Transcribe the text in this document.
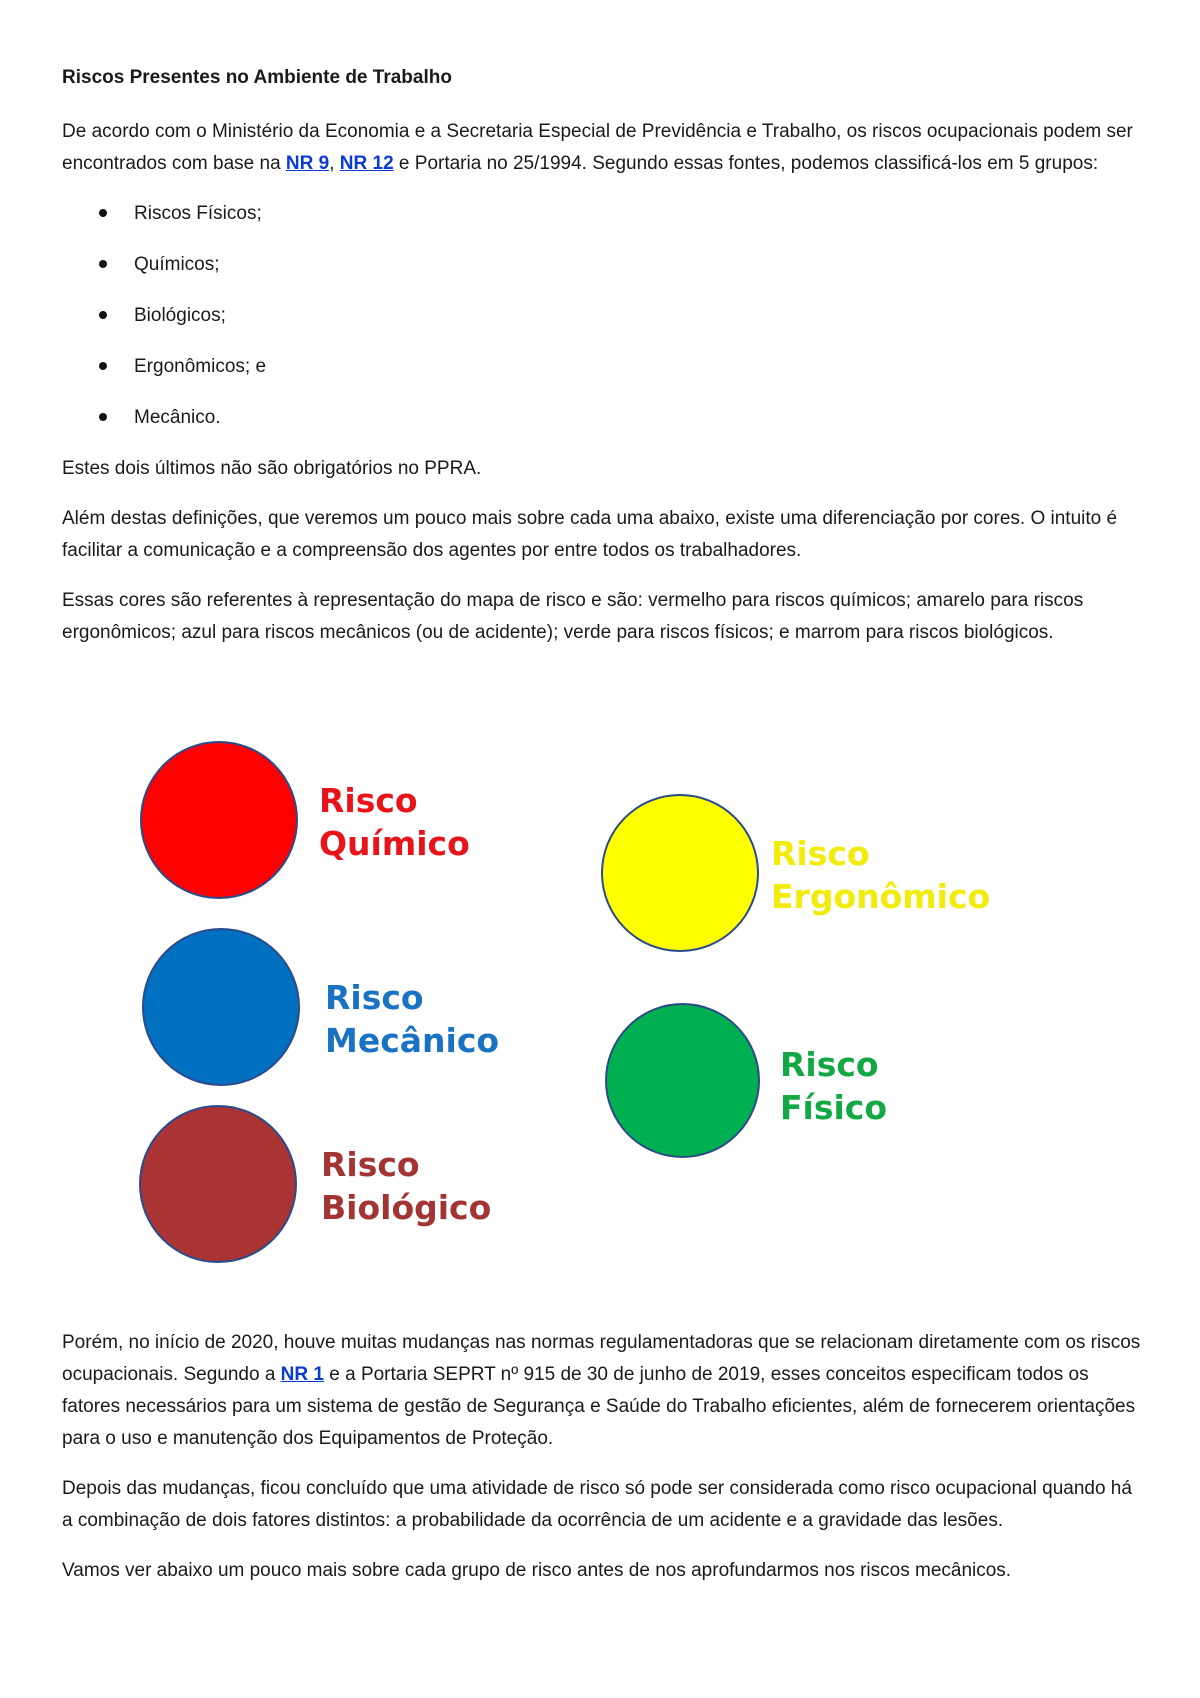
Riscos Presentes no Ambiente de Trabalho

De acordo com o Ministério da Economia e a Secretaria Especial de Previdência e Trabalho, os riscos ocupacionais podem ser encontrados com base na NR 9, NR 12 e Portaria no 25/1994. Segundo essas fontes, podemos classificá-los em 5 grupos:

Riscos Físicos;
Químicos;
Biológicos;
Ergonômicos; e
Mecânico.

Estes dois últimos não são obrigatórios no PPRA.

Além destas definições, que veremos um pouco mais sobre cada uma abaixo, existe uma diferenciação por cores. O intuito é facilitar a comunicação e a compreensão dos agentes por entre todos os trabalhadores.

Essas cores são referentes à representação do mapa de risco e são: vermelho para riscos químicos; amarelo para riscos ergonômicos; azul para riscos mecânicos (ou de acidente); verde para riscos físicos; e marrom para riscos biológicos.

Risco
Químico	Risco
Ergonômico
Risco
Mecânico
Risco
Físico
Risco
Biológico

Porém, no início de 2020, houve muitas mudanças nas normas regulamentadoras que se relacionam diretamente com os riscos ocupacionais. Segundo a NR 1 e a Portaria SEPRT nº 915 de 30 de junho de 2019, esses conceitos especificam todos os fatores necessários para um sistema de gestão de Segurança e Saúde do Trabalho eficientes, além de fornecerem orientações para o uso e manutenção dos Equipamentos de Proteção.

Depois das mudanças, ficou concluído que uma atividade de risco só pode ser considerada como risco ocupacional quando há a combinação de dois fatores distintos: a probabilidade da ocorrência de um acidente e a gravidade das lesões.

Vamos ver abaixo um pouco mais sobre cada grupo de risco antes de nos aprofundarmos nos riscos mecânicos.
